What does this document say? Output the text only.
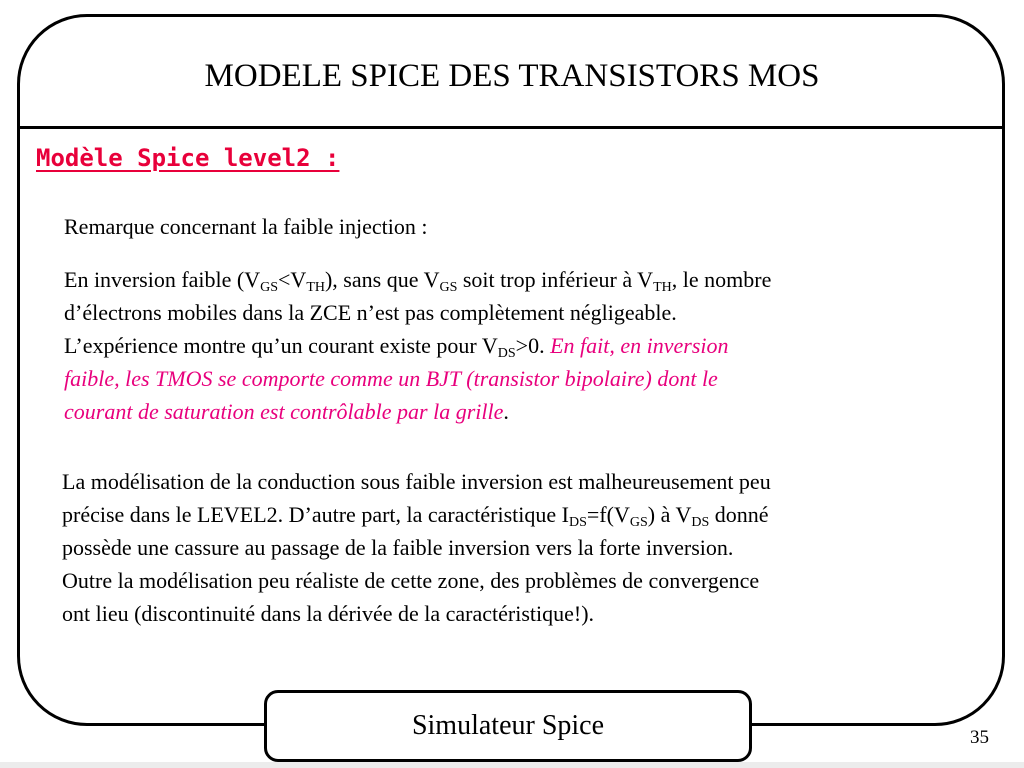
MODELE SPICE DES TRANSISTORS MOS
Modèle Spice level2 :
Remarque concernant la faible injection :
En inversion faible $(V_{GS}<V_{TH})$, sans que $V_{GS}$ soit trop inférieur à $V_{TH}$, le nombre
d’électrons mobiles dans la ZCE n’est pas complètement négligeable.
L’expérience montre qu’un courant existe pour $V_{DS}>0$. En fait, en inversion
faible, les TMOS se comporte comme un BJT (transistor bipolaire) dont le
courant de saturation est contrôlable par la grille.
La modélisation de la conduction sous faible inversion est malheureusement peu
précise dans le LEVEL2. D’autre part, la caractéristique $I_{DS}=f(V_{GS})$ à $V_{DS}$ donné
possède une cassure au passage de la faible inversion vers la forte inversion.
Outre la modélisation peu réaliste de cette zone, des problèmes de convergence
ont lieu (discontinuité dans la dérivée de la caractéristique!).
Simulateur Spice	35
